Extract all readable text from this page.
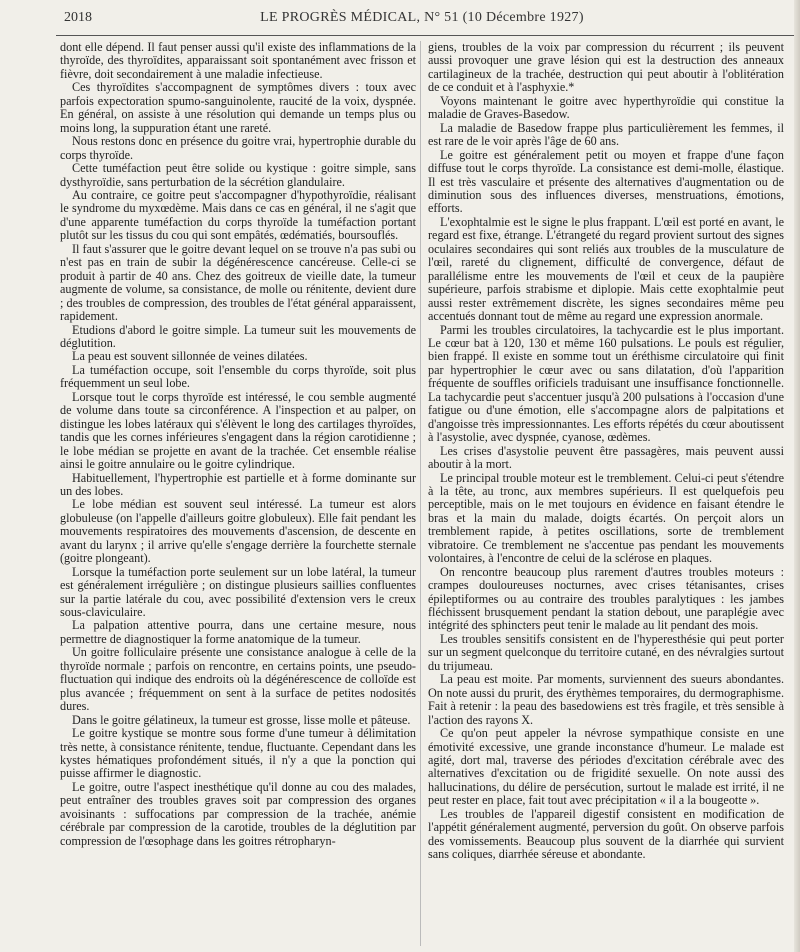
2018	LE PROGRÈS MÉDICAL, N° 51 (10 Décembre 1927)

dont elle dépend. Il faut penser aussi qu'il existe des inflammations de la thyroïde, des thyroïdites, apparaissant soit spontanément avec frisson et fièvre, doit secondairement à une maladie infectieuse.

Ces thyroïdites s'accompagnent de symptômes divers : toux avec parfois expectoration spumo-sanguinolente, raucité de la voix, dyspnée. En général, on assiste à une résolution qui demande un temps plus ou moins long, la suppuration étant une rareté.

Nous restons donc en présence du goitre vrai, hypertrophie durable du corps thyroïde.

Cette tuméfaction peut être solide ou kystique : goitre simple, sans dysthyroïdie, sans perturbation de la sécrétion glandulaire.

Au contraire, ce goitre peut s'accompagner d'hypothyroïdie, réalisant le syndrome du myxœdème. Mais dans ce cas en général, il ne s'agit que d'une apparente tuméfaction du corps thyroïde la tuméfaction portant plutôt sur les tissus du cou qui sont empâtés, œdématiés, boursouflés.

Il faut s'assurer que le goitre devant lequel on se trouve n'a pas subi ou n'est pas en train de subir la dégénérescence cancéreuse. Celle-ci se produit à partir de 40 ans. Chez des goitreux de vieille date, la tumeur augmente de volume, sa consistance, de molle ou rénitente, devient dure ; des troubles de compression, des troubles de l'état général apparaissent, rapidement.

Etudions d'abord le goitre simple. La tumeur suit les mouvements de déglutition.

La peau est souvent sillonnée de veines dilatées.

La tuméfaction occupe, soit l'ensemble du corps thyroïde, soit plus fréquemment un seul lobe.

Lorsque tout le corps thyroïde est intéressé, le cou semble augmenté de volume dans toute sa circonférence. A l'inspection et au palper, on distingue les lobes latéraux qui s'élèvent le long des cartilages thyroïdes, tandis que les cornes inférieures s'engagent dans la région carotidienne ; le lobe médian se projette en avant de la trachée. Cet ensemble réalise ainsi le goitre annulaire ou le goitre cylindrique.

Habituellement, l'hypertrophie est partielle et à forme dominante sur un des lobes.

Le lobe médian est souvent seul intéressé. La tumeur est alors globuleuse (on l'appelle d'ailleurs goitre globuleux). Elle fait pendant les mouvements respiratoires des mouvements d'ascension, de descente en avant du larynx ; il arrive qu'elle s'engage derrière la fourchette sternale (goitre plongeant).

Lorsque la tuméfaction porte seulement sur un lobe latéral, la tumeur est généralement irrégulière ; on distingue plusieurs saillies confluentes sur la partie latérale du cou, avec possibilité d'extension vers le creux sous-claviculaire.

La palpation attentive pourra, dans une certaine mesure, nous permettre de diagnostiquer la forme anatomique de la tumeur.

Un goitre folliculaire présente une consistance analogue à celle de la thyroïde normale ; parfois on rencontre, en certains points, une pseudo-fluctuation qui indique des endroits où la dégénérescence de colloïde est plus avancée ; fréquemment on sent à la surface de petites nodosités dures.

Dans le goitre gélatineux, la tumeur est grosse, lisse molle et pâteuse.

Le goitre kystique se montre sous forme d'une tumeur à délimitation très nette, à consistance rénitente, tendue, fluctuante. Cependant dans les kystes hématiques profondément situés, il n'y a que la ponction qui puisse affirmer le diagnostic.

Le goitre, outre l'aspect inesthétique qu'il donne au cou des malades, peut entraîner des troubles graves soit par compression des organes avoisinants : suffocations par compression de la trachée, anémie cérébrale par compression de la carotide, troubles de la déglutition par compression de l'œsophage dans les goitres rétropharyn-

giens, troubles de la voix par compression du récurrent ; ils peuvent aussi provoquer une grave lésion qui est la destruction des anneaux cartilagineux de la trachée, destruction qui peut aboutir à l'oblitération de ce conduit et à l'asphyxie.*

Voyons maintenant le goitre avec hyperthyroïdie qui constitue la maladie de Graves-Basedow.

La maladie de Basedow frappe plus particulièrement les femmes, il est rare de le voir après l'âge de 60 ans.

Le goitre est généralement petit ou moyen et frappe d'une façon diffuse tout le corps thyroïde. La consistance est demi-molle, élastique. Il est très vasculaire et présente des alternatives d'augmentation ou de diminution sous des influences diverses, menstruations, émotions, efforts.

L'exophtalmie est le signe le plus frappant. L'œil est porté en avant, le regard est fixe, étrange. L'étrangeté du regard provient surtout des signes oculaires secondaires qui sont reliés aux troubles de la musculature de l'œil, rareté du clignement, difficulté de convergence, défaut de parallélisme entre les mouvements de l'œil et ceux de la paupière supérieure, parfois strabisme et diplopie. Mais cette exophtalmie peut aussi rester extrêmement discrète, les signes secondaires même peu accentués donnant tout de même au regard une expression anormale.

Parmi les troubles circulatoires, la tachycardie est le plus important. Le cœur bat à 120, 130 et même 160 pulsations. Le pouls est régulier, bien frappé. Il existe en somme tout un éréthisme circulatoire qui finit par hypertrophier le cœur avec ou sans dilatation, d'où l'apparition fréquente de souffles orificiels traduisant une insuffisance fonctionnelle. La tachycardie peut s'accentuer jusqu'à 200 pulsations à l'occasion d'une fatigue ou d'une émotion, elle s'accompagne alors de palpitations et d'angoisse très impressionnantes. Les efforts répétés du cœur aboutissent à l'asystolie, avec dyspnée, cyanose, œdèmes.

Les crises d'asystolie peuvent être passagères, mais peuvent aussi aboutir à la mort.

Le principal trouble moteur est le tremblement. Celui-ci peut s'étendre à la tête, au tronc, aux membres supérieurs. Il est quelquefois peu perceptible, mais on le met toujours en évidence en faisant étendre le bras et la main du malade, doigts écartés. On perçoit alors un tremblement rapide, à petites oscillations, sorte de tremblement vibratoire. Ce tremblement ne s'accentue pas pendant les mouvements volontaires, à l'encontre de celui de la sclérose en plaques.

On rencontre beaucoup plus rarement d'autres troubles moteurs : crampes douloureuses nocturnes, avec crises tétanisantes, crises épileptiformes ou au contraire des troubles paralytiques : les jambes fléchissent brusquement pendant la station debout, une paraplégie avec intégrité des sphincters peut tenir le malade au lit pendant des mois.

Les troubles sensitifs consistent en de l'hyperesthésie qui peut porter sur un segment quelconque du territoire cutané, en des névralgies surtout du trijumeau.

La peau est moite. Par moments, surviennent des sueurs abondantes. On note aussi du prurit, des érythèmes temporaires, du dermographisme. Fait à retenir : la peau des basedowiens est très fragile, et très sensible à l'action des rayons X.

Ce qu'on peut appeler la névrose sympathique consiste en une émotivité excessive, une grande inconstance d'humeur. Le malade est agité, dort mal, traverse des périodes d'excitation cérébrale avec des alternatives d'excitation ou de frigidité sexuelle. On note aussi des hallucinations, du délire de persécution, surtout le malade est irrité, il ne peut rester en place, fait tout avec précipitation « il a la bougeotte ».

Les troubles de l'appareil digestif consistent en modification de l'appétit généralement augmenté, perversion du goût. On observe parfois des vomissements. Beaucoup plus souvent de la diarrhée qui survient sans coliques, diarrhée séreuse et abondante.
